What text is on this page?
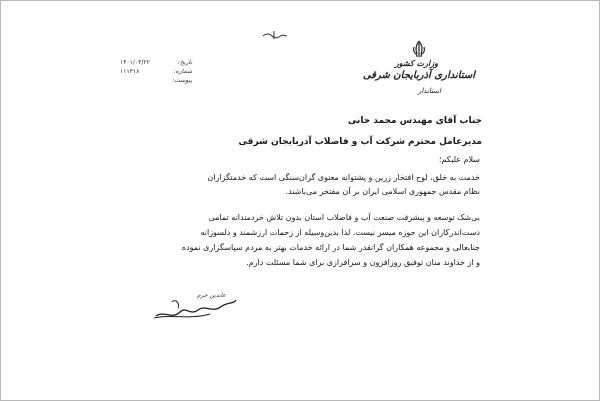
وزارت کشور
استانداری آذربایجان شرقی
استاندار
۱۴۰۱/۰۴/۲۲	تاریخ:
۱۱۱۳۱۸	شماره:
پیوست:
جناب آقای مهندس محمد خانی
مدیرعامل محترم شرکت آب و فاضلاب آذربایجان شرقی
سلام علیکم؛
خدمت به خلق، لوح افتخار زرین و پشتوانه معنوی گران‌سنگی است که خدمتگزاران
نظام مقدس جمهوری اسلامی ایران بر آن مفتخر می‌باشند.
بی‌شک توسعه و پیشرفت صنعت آب و فاضلاب استان بدون تلاش خردمندانه تمامی
دست‌اندرکاران این حوزه میسر نیست. لذا بدین‌وسیله از زحمات ارزشمند و دلسوزانه
جنابعالی و مجموعه همکاران گرانقدر شما در ارائه خدمات بهتر به مردم سپاسگزاری نموده
و از خداوند منان توفیق روزافزون و سرافرازی برای شما مسئلت دارم.
عابدین خرم
